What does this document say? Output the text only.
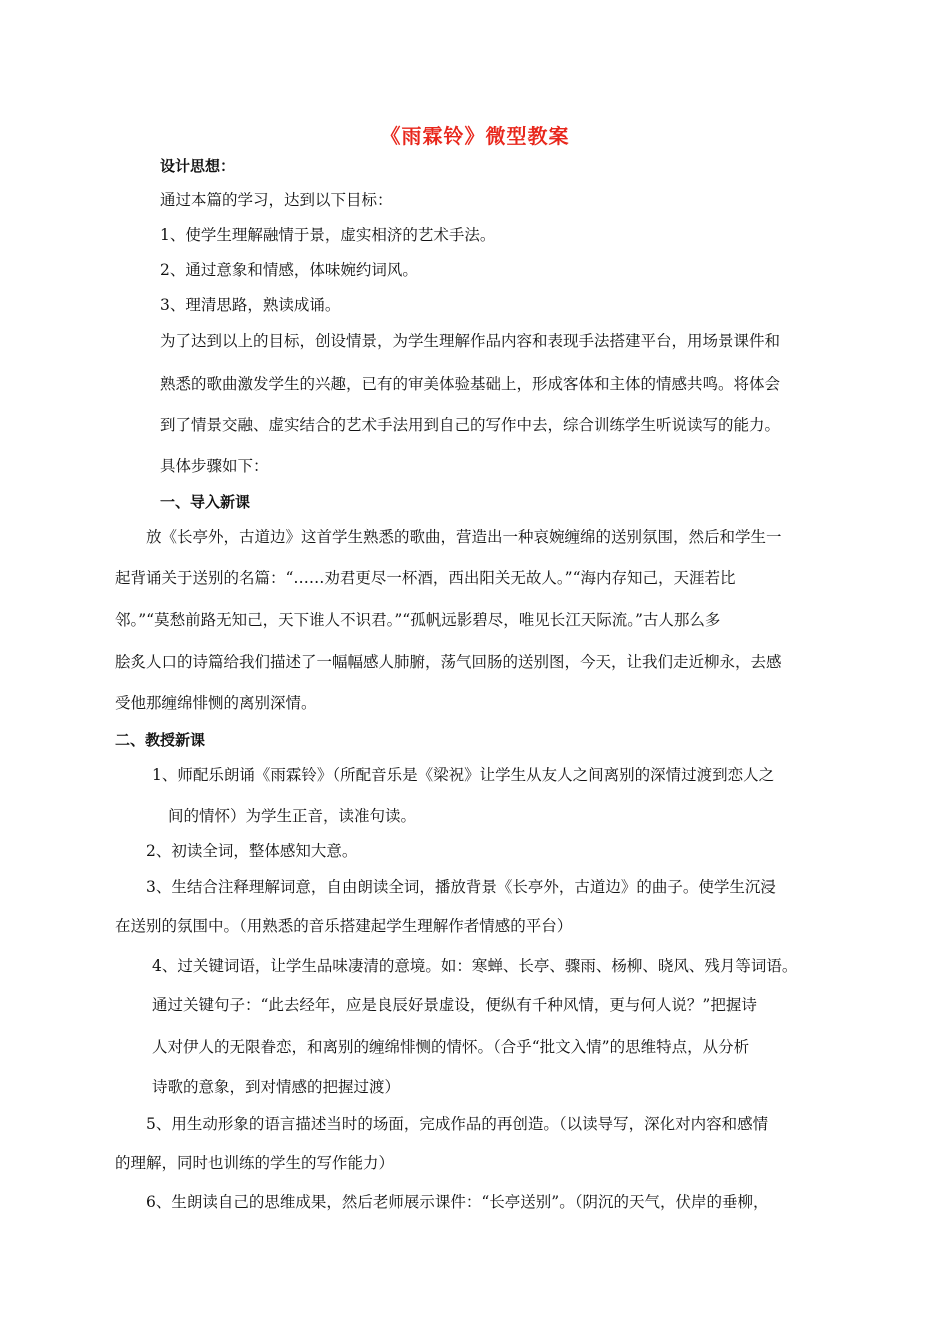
《雨霖铃》微型教案
设计思想：
通过本篇的学习，达到以下目标：
1、使学生理解融情于景，虚实相济的艺术手法。
2、通过意象和情感，体味婉约词风。
3、理清思路，熟读成诵。
为了达到以上的目标，创设情景，为学生理解作品内容和表现手法搭建平台，用场景课件和
熟悉的歌曲激发学生的兴趣，已有的审美体验基础上，形成客体和主体的情感共鸣。将体会
到了情景交融、虚实结合的艺术手法用到自己的写作中去，综合训练学生听说读写的能力。
具体步骤如下：
一、导入新课
放《长亭外，古道边》这首学生熟悉的歌曲，营造出一种哀婉缠绵的送别氛围，然后和学生一
起背诵关于送别的名篇：“……劝君更尽一杯酒，西出阳关无故人。”“海内存知己，天涯若比
邻。”“莫愁前路无知己，天下谁人不识君。”“孤帆远影碧尽，唯见长江天际流。”古人那么多
脍炙人口的诗篇给我们描述了一幅幅感人肺腑，荡气回肠的送别图，今天，让我们走近柳永，去感
受他那缠绵悱恻的离别深情。
二、教授新课
1、师配乐朗诵《雨霖铃》（所配音乐是《梁祝》让学生从友人之间离别的深情过渡到恋人之
间的情怀）为学生正音，读准句读。
2、初读全词，整体感知大意。
3、生结合注释理解词意，自由朗读全词，播放背景《长亭外，古道边》的曲子。使学生沉浸
在送别的氛围中。（用熟悉的音乐搭建起学生理解作者情感的平台）
4、过关键词语，让学生品味凄清的意境。如：寒蝉、长亭、骤雨、杨柳、晓风、残月等词语。
通过关键句子：“此去经年，应是良辰好景虚设，便纵有千种风情，更与何人说？”把握诗
人对伊人的无限眷恋，和离别的缠绵悱恻的情怀。（合乎“批文入情”的思维特点，从分析
诗歌的意象，到对情感的把握过渡）
5、用生动形象的语言描述当时的场面，完成作品的再创造。（以读导写，深化对内容和感情
的理解，同时也训练的学生的写作能力）
6、生朗读自己的思维成果，然后老师展示课件：“长亭送别”。（阴沉的天气，伏岸的垂柳，
